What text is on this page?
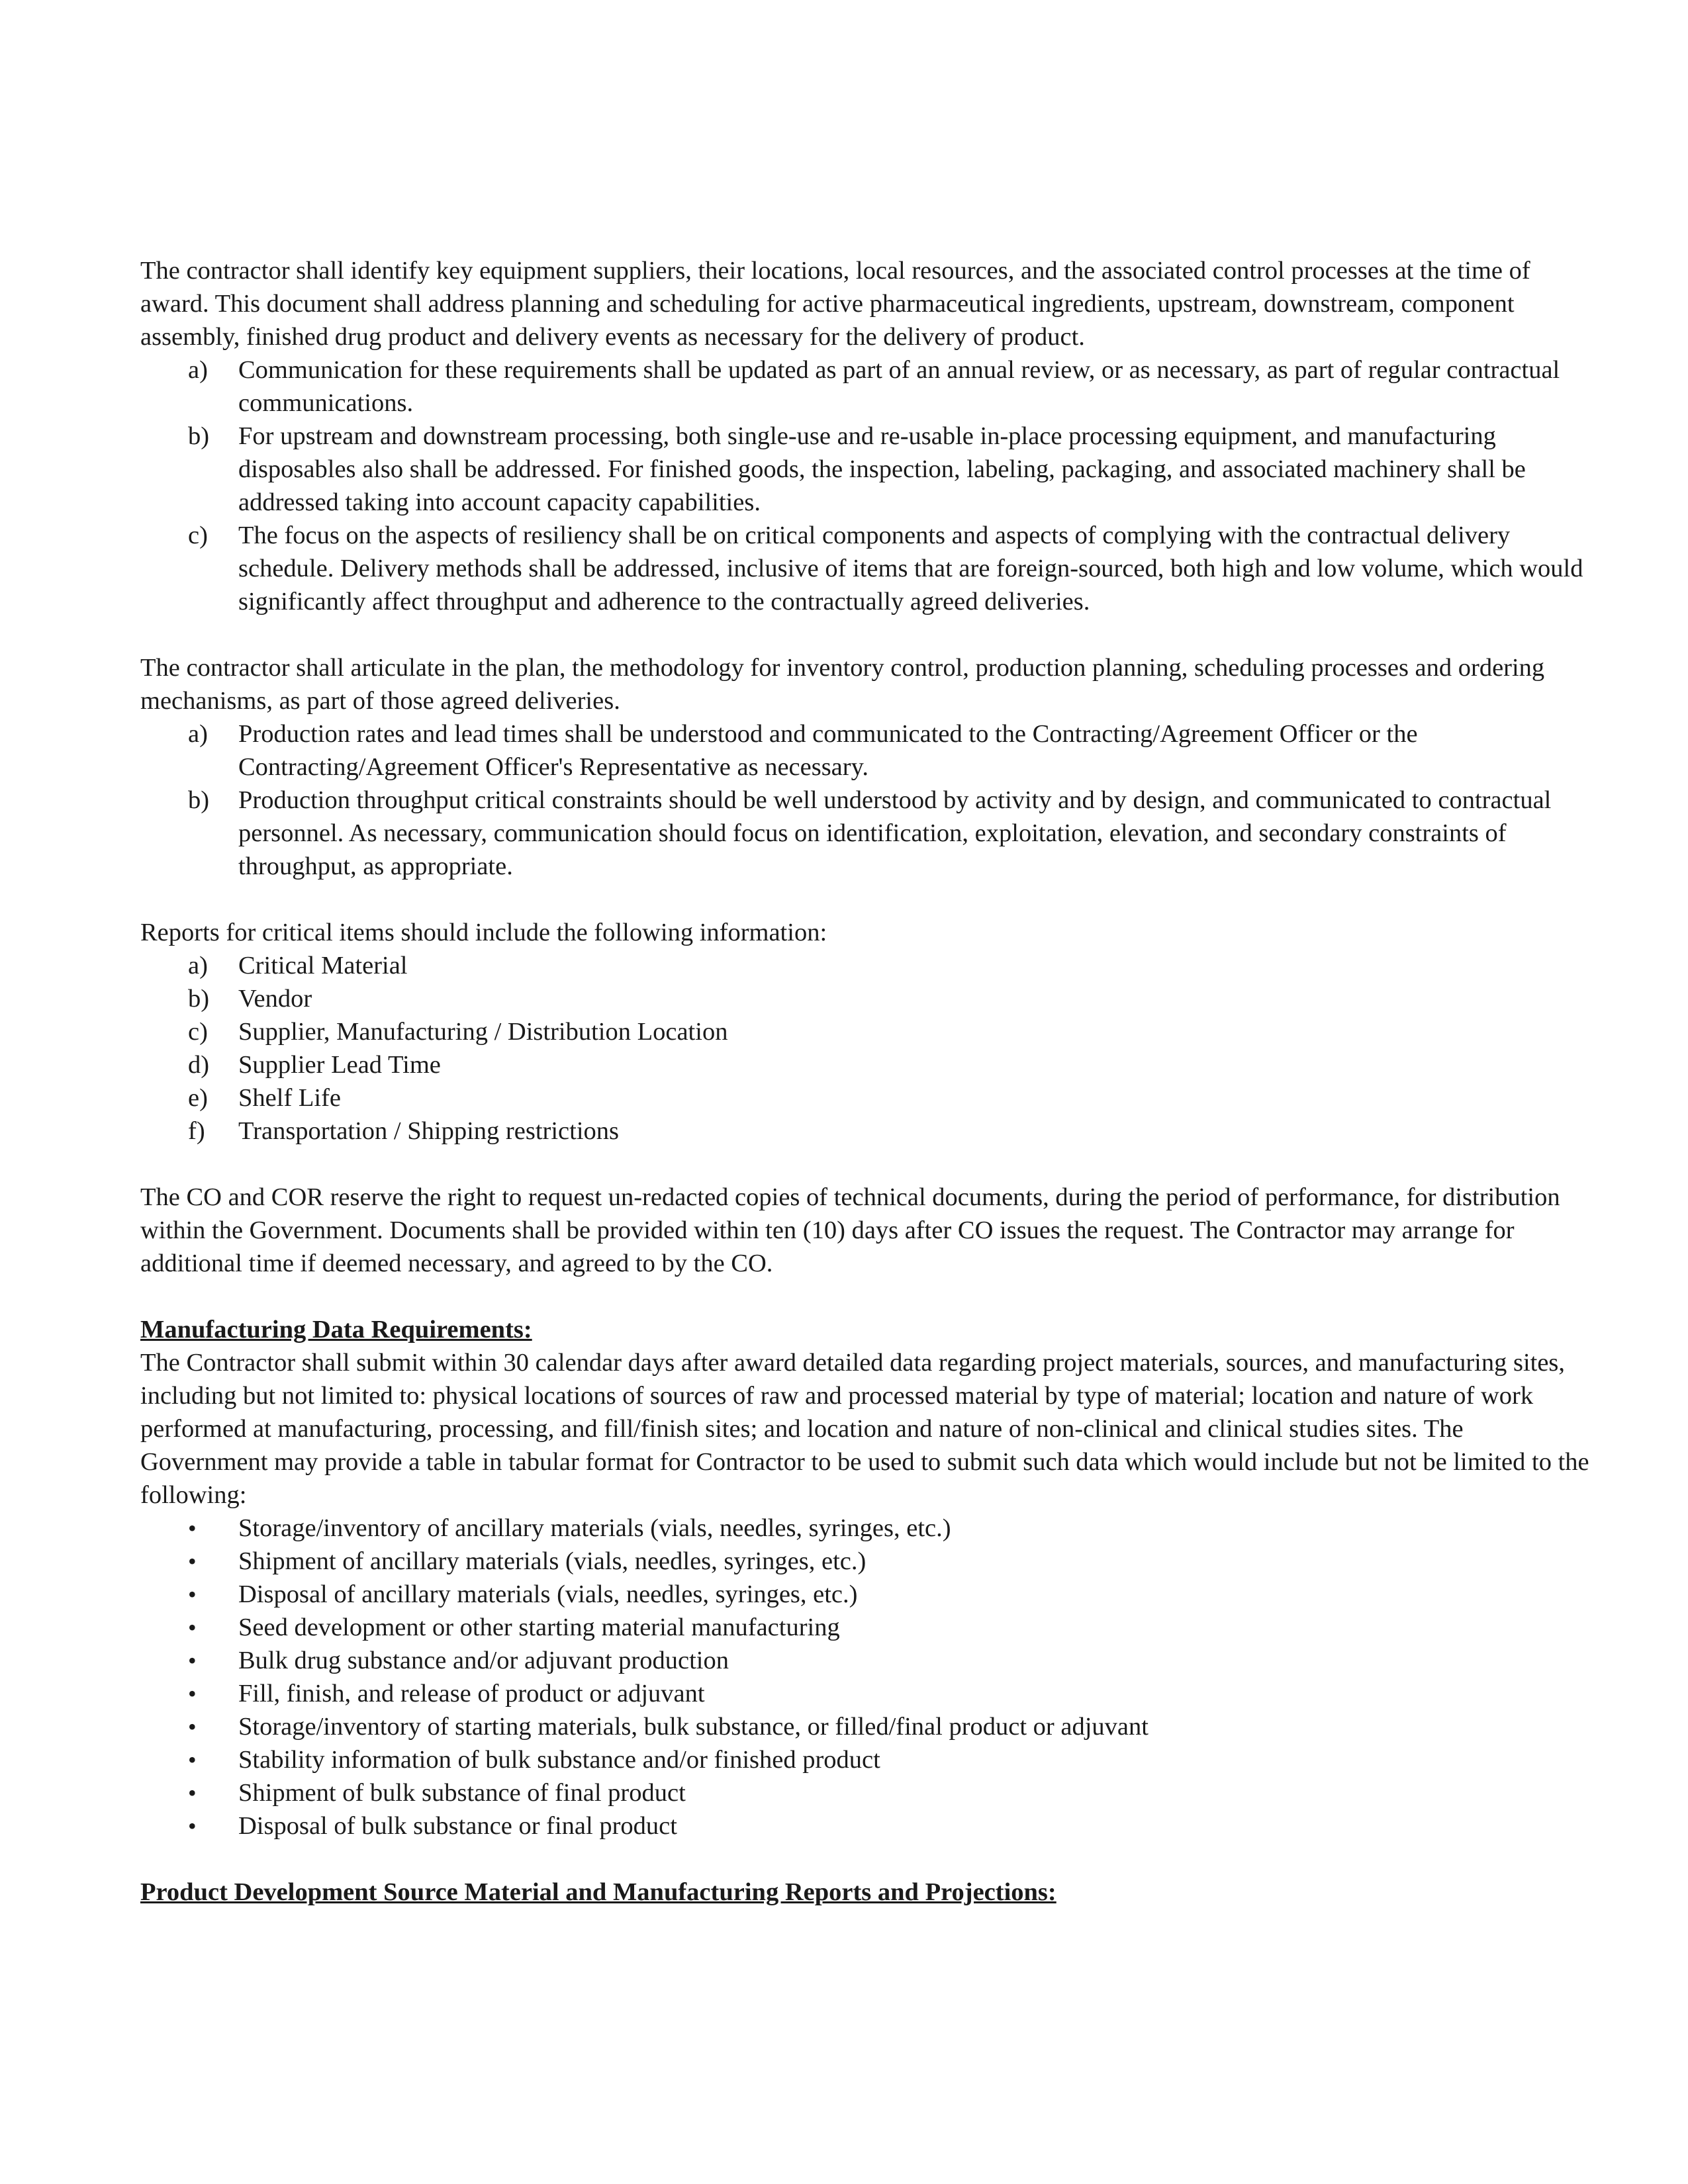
The contractor shall identify key equipment suppliers, their locations, local resources, and the associated control processes at the time of award. This document shall address planning and scheduling for active pharmaceutical ingredients, upstream, downstream, component assembly, finished drug product and delivery events as necessary for the delivery of product.

a)	Communication for these requirements shall be updated as part of an annual review, or as necessary, as part of regular contractual communications.
b)	For upstream and downstream processing, both single-use and re-usable in-place processing equipment, and manufacturing disposables also shall be addressed. For finished goods, the inspection, labeling, packaging, and associated machinery shall be addressed taking into account capacity capabilities.
c)	The focus on the aspects of resiliency shall be on critical components and aspects of complying with the contractual delivery schedule. Delivery methods shall be addressed, inclusive of items that are foreign-sourced, both high and low volume, which would significantly affect throughput and adherence to the contractually agreed deliveries.

The contractor shall articulate in the plan, the methodology for inventory control, production planning, scheduling processes and ordering mechanisms, as part of those agreed deliveries.

a)	Production rates and lead times shall be understood and communicated to the Contracting/Agreement Officer or the Contracting/Agreement Officer's Representative as necessary.
b)	Production throughput critical constraints should be well understood by activity and by design, and communicated to contractual personnel. As necessary, communication should focus on identification, exploitation, elevation, and secondary constraints of throughput, as appropriate.

Reports for critical items should include the following information:

a)	Critical Material
b)	Vendor
c)	Supplier, Manufacturing / Distribution Location
d)	Supplier Lead Time
e)	Shelf Life
f)	Transportation / Shipping restrictions

The CO and COR reserve the right to request un-redacted copies of technical documents, during the period of performance, for distribution within the Government. Documents shall be provided within ten (10) days after CO issues the request. The Contractor may arrange for additional time if deemed necessary, and agreed to by the CO.

Manufacturing Data Requirements:

The Contractor shall submit within 30 calendar days after award detailed data regarding project materials, sources, and manufacturing sites, including but not limited to: physical locations of sources of raw and processed material by type of material; location and nature of work performed at manufacturing, processing, and fill/finish sites; and location and nature of non-clinical and clinical studies sites. The Government may provide a table in tabular format for Contractor to be used to submit such data which would include but not be limited to the following:

•	Storage/inventory of ancillary materials (vials, needles, syringes, etc.)
•	Shipment of ancillary materials (vials, needles, syringes, etc.)
•	Disposal of ancillary materials (vials, needles, syringes, etc.)
•	Seed development or other starting material manufacturing
•	Bulk drug substance and/or adjuvant production
•	Fill, finish, and release of product or adjuvant
•	Storage/inventory of starting materials, bulk substance, or filled/final product or adjuvant
•	Stability information of bulk substance and/or finished product
•	Shipment of bulk substance of final product
•	Disposal of bulk substance or final product

Product Development Source Material and Manufacturing Reports and Projections:
